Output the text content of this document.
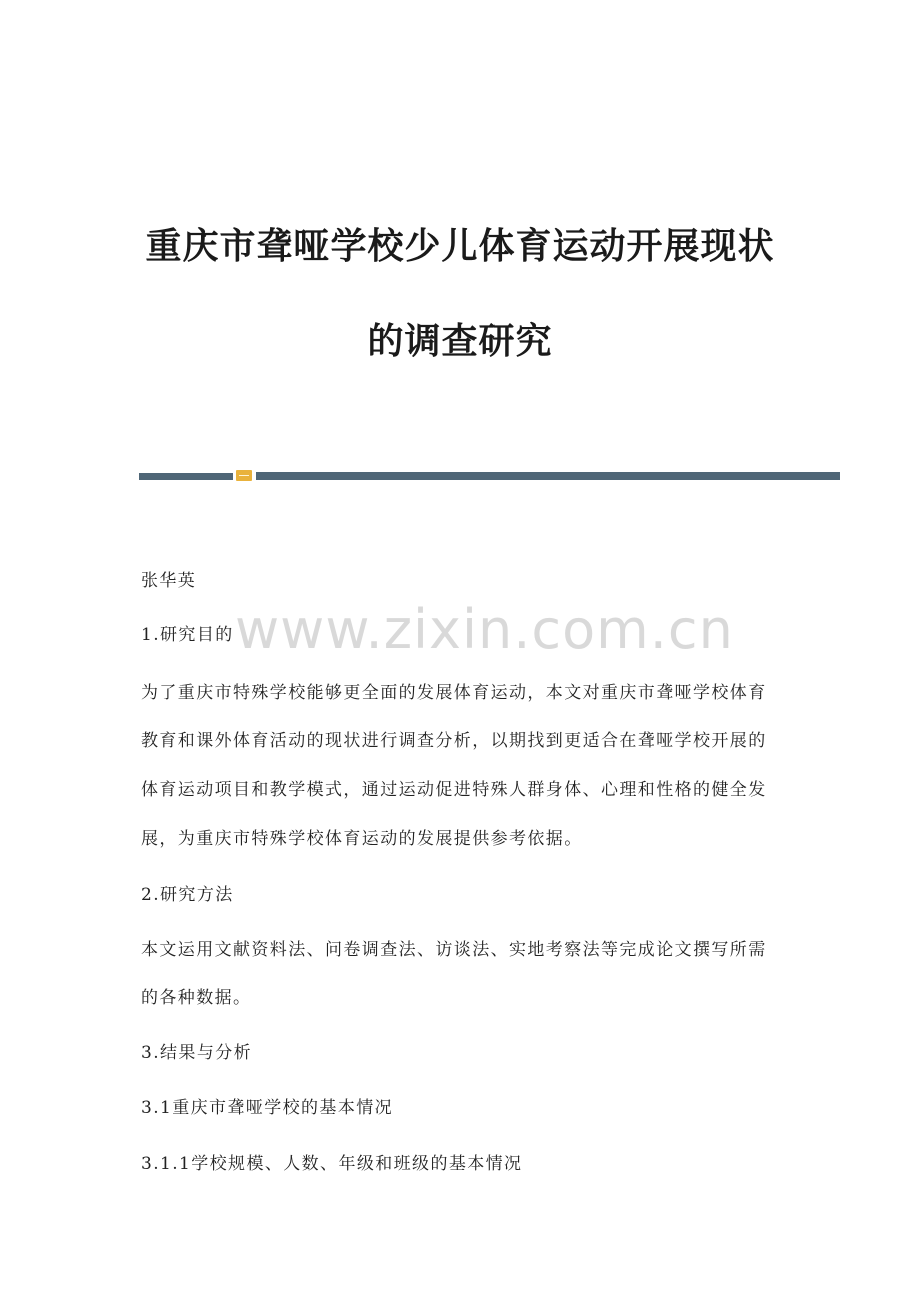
重庆市聋哑学校少儿体育运动开展现状
的调查研究
www.zixin.com.cn
张华英
1.研究目的
为了重庆市特殊学校能够更全面的发展体育运动，本文对重庆市聋哑学校体育
教育和课外体育活动的现状进行调查分析，以期找到更适合在聋哑学校开展的
体育运动项目和教学模式，通过运动促进特殊人群身体、心理和性格的健全发
展，为重庆市特殊学校体育运动的发展提供参考依据。
2.研究方法
本文运用文献资料法、问卷调查法、访谈法、实地考察法等完成论文撰写所需
的各种数据。
3.结果与分析
3.1重庆市聋哑学校的基本情况
3.1.1学校规模、人数、年级和班级的基本情况
